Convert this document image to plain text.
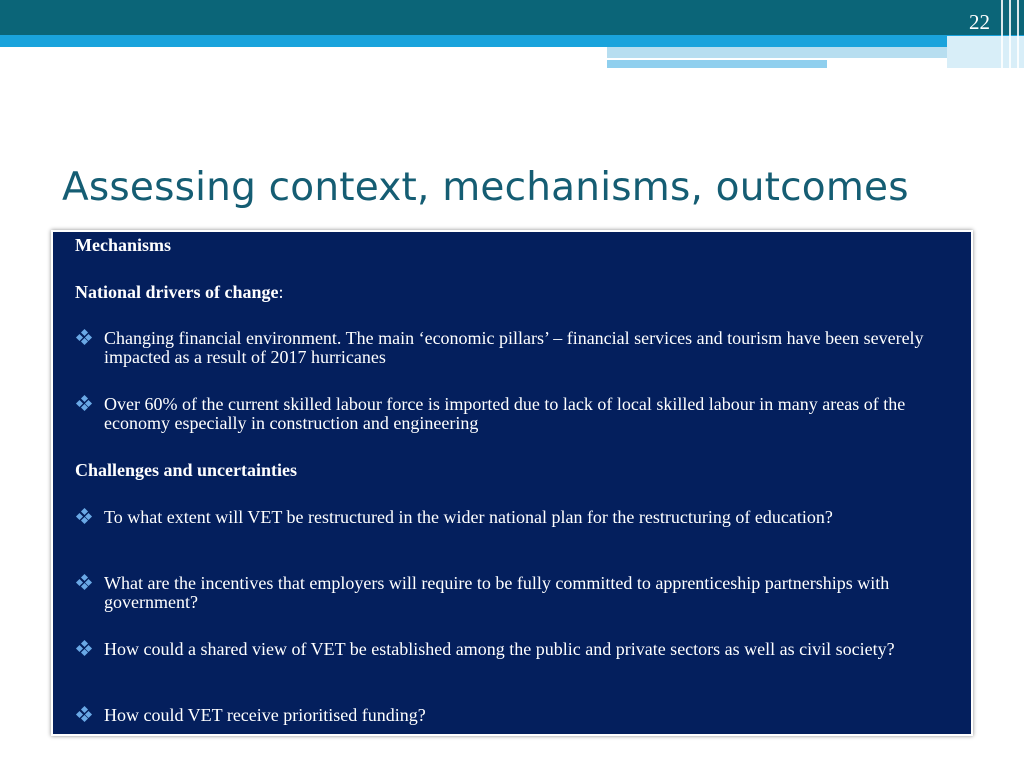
22
Assessing context, mechanisms, outcomes
Mechanisms
National drivers of change:
Changing financial environment. The main ‘economic pillars’ – financial services and tourism have been severely impacted as a result of 2017 hurricanes
Over 60% of the current skilled labour force is imported due to lack of local skilled labour in many areas of the economy especially in construction and engineering
Challenges and uncertainties
To what extent will VET be restructured in the wider national plan for the restructuring of education?
What are the incentives that employers will require to be fully committed to apprenticeship partnerships with government?
How could a shared view of VET be established among the public and private sectors as well as civil society?
How could VET receive prioritised funding?
